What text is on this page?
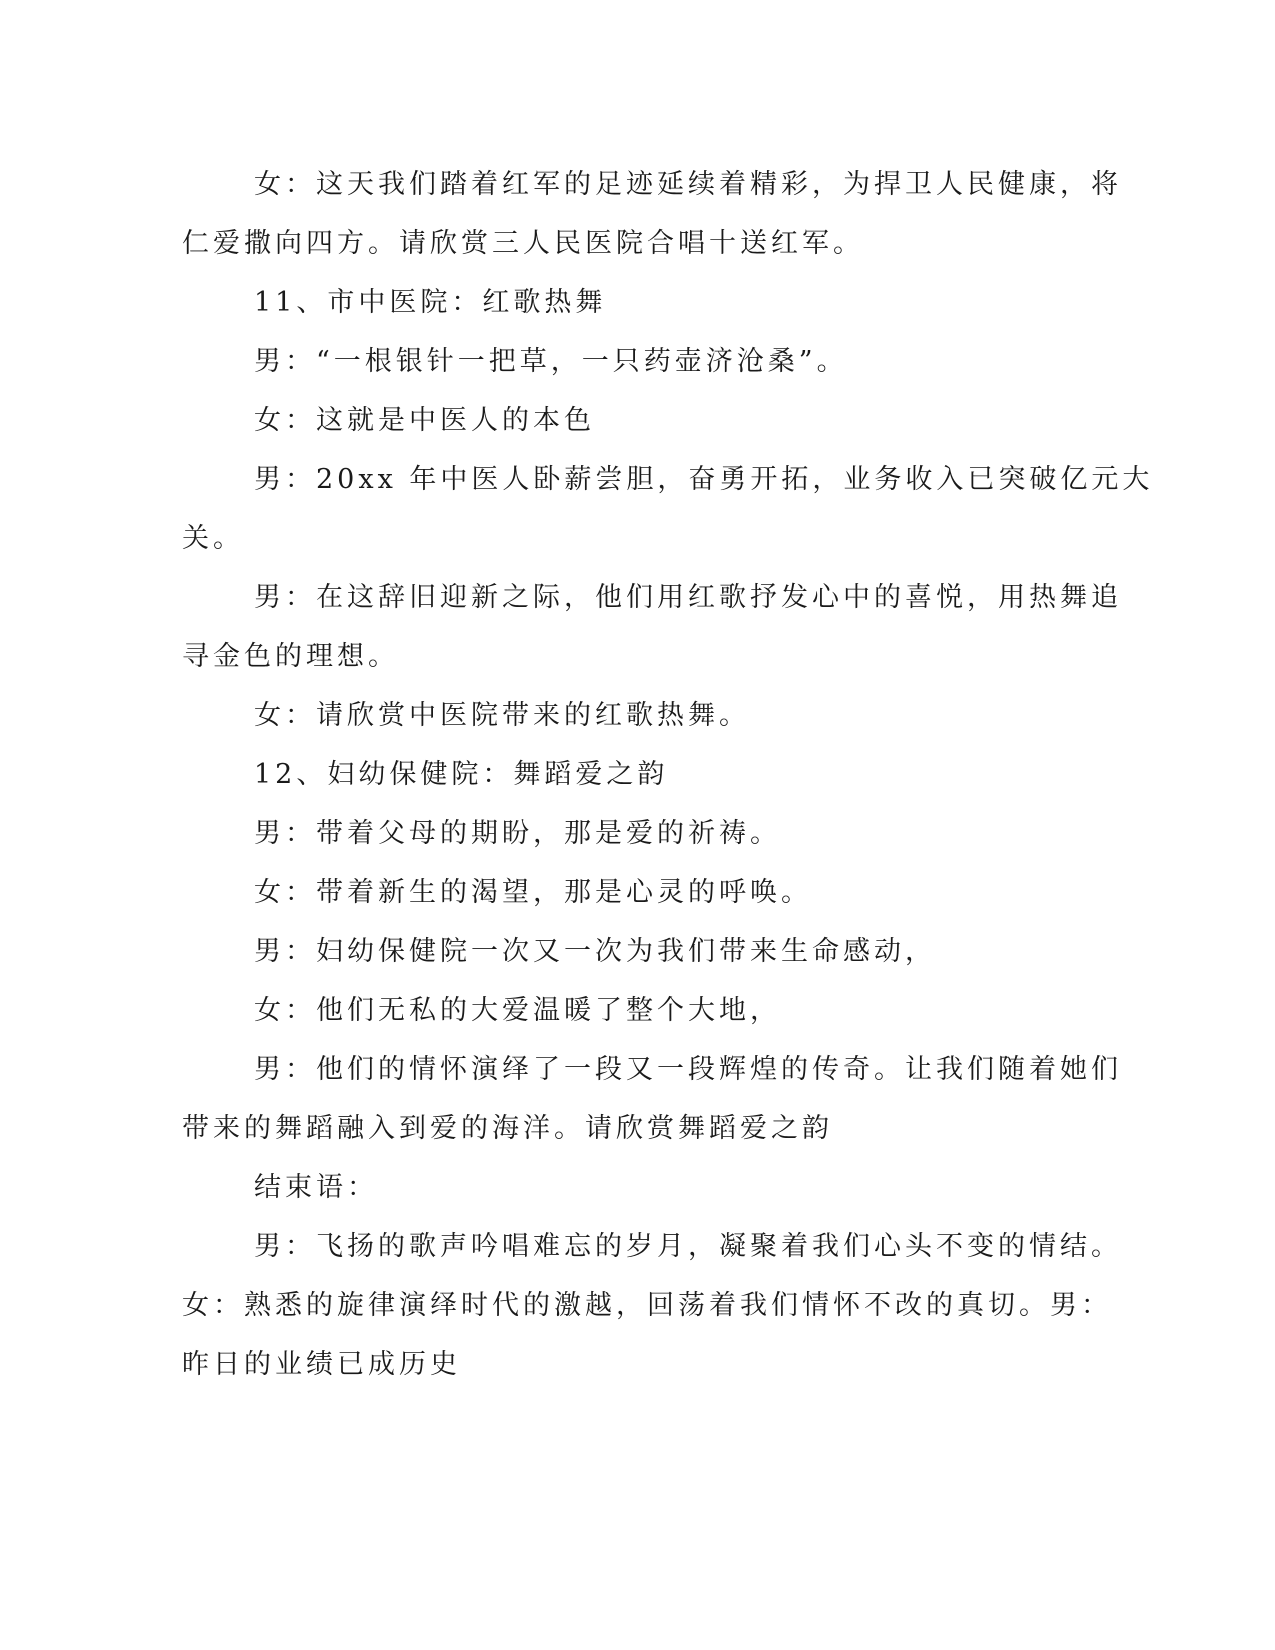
女：这天我们踏着红军的足迹延续着精彩，为捍卫人民健康，将

仁爱撒向四方。请欣赏三人民医院合唱十送红军。

11、市中医院：红歌热舞

男：“一根银针一把草，一只药壶济沧桑”。

女：这就是中医人的本色

男：20xx 年中医人卧薪尝胆，奋勇开拓，业务收入已突破亿元大

关。

男：在这辞旧迎新之际，他们用红歌抒发心中的喜悦，用热舞追

寻金色的理想。

女：请欣赏中医院带来的红歌热舞。

12、妇幼保健院：舞蹈爱之韵

男：带着父母的期盼，那是爱的祈祷。

女：带着新生的渴望，那是心灵的呼唤。

男：妇幼保健院一次又一次为我们带来生命感动，

女：他们无私的大爱温暖了整个大地，

男：他们的情怀演绎了一段又一段辉煌的传奇。让我们随着她们

带来的舞蹈融入到爱的海洋。请欣赏舞蹈爱之韵

结束语：

男：飞扬的歌声吟唱难忘的岁月，凝聚着我们心头不变的情结。

女：熟悉的旋律演绎时代的激越，回荡着我们情怀不改的真切。男：

昨日的业绩已成历史
